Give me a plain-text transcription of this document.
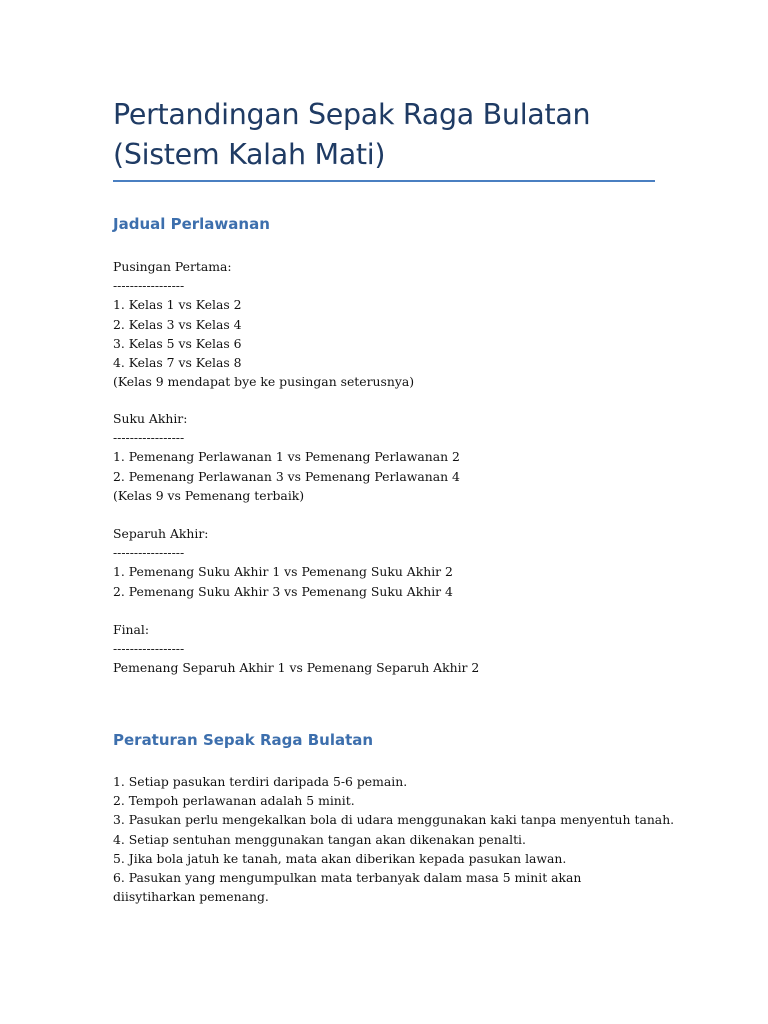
Pertandingan Sepak Raga Bulatan
(Sistem Kalah Mati)
Jadual Perlawanan
Pusingan Pertama:
-----------------
1. Kelas 1 vs Kelas 2
2. Kelas 3 vs Kelas 4
3. Kelas 5 vs Kelas 6
4. Kelas 7 vs Kelas 8
(Kelas 9 mendapat bye ke pusingan seterusnya)
Suku Akhir:
-----------------
1. Pemenang Perlawanan 1 vs Pemenang Perlawanan 2
2. Pemenang Perlawanan 3 vs Pemenang Perlawanan 4
(Kelas 9 vs Pemenang terbaik)
Separuh Akhir:
-----------------
1. Pemenang Suku Akhir 1 vs Pemenang Suku Akhir 2
2. Pemenang Suku Akhir 3 vs Pemenang Suku Akhir 4
Final:
-----------------
Pemenang Separuh Akhir 1 vs Pemenang Separuh Akhir 2
Peraturan Sepak Raga Bulatan
1. Setiap pasukan terdiri daripada 5-6 pemain.
2. Tempoh perlawanan adalah 5 minit.
3. Pasukan perlu mengekalkan bola di udara menggunakan kaki tanpa menyentuh tanah.
4. Setiap sentuhan menggunakan tangan akan dikenakan penalti.
5. Jika bola jatuh ke tanah, mata akan diberikan kepada pasukan lawan.
6. Pasukan yang mengumpulkan mata terbanyak dalam masa 5 minit akan diisytiharkan pemenang.
